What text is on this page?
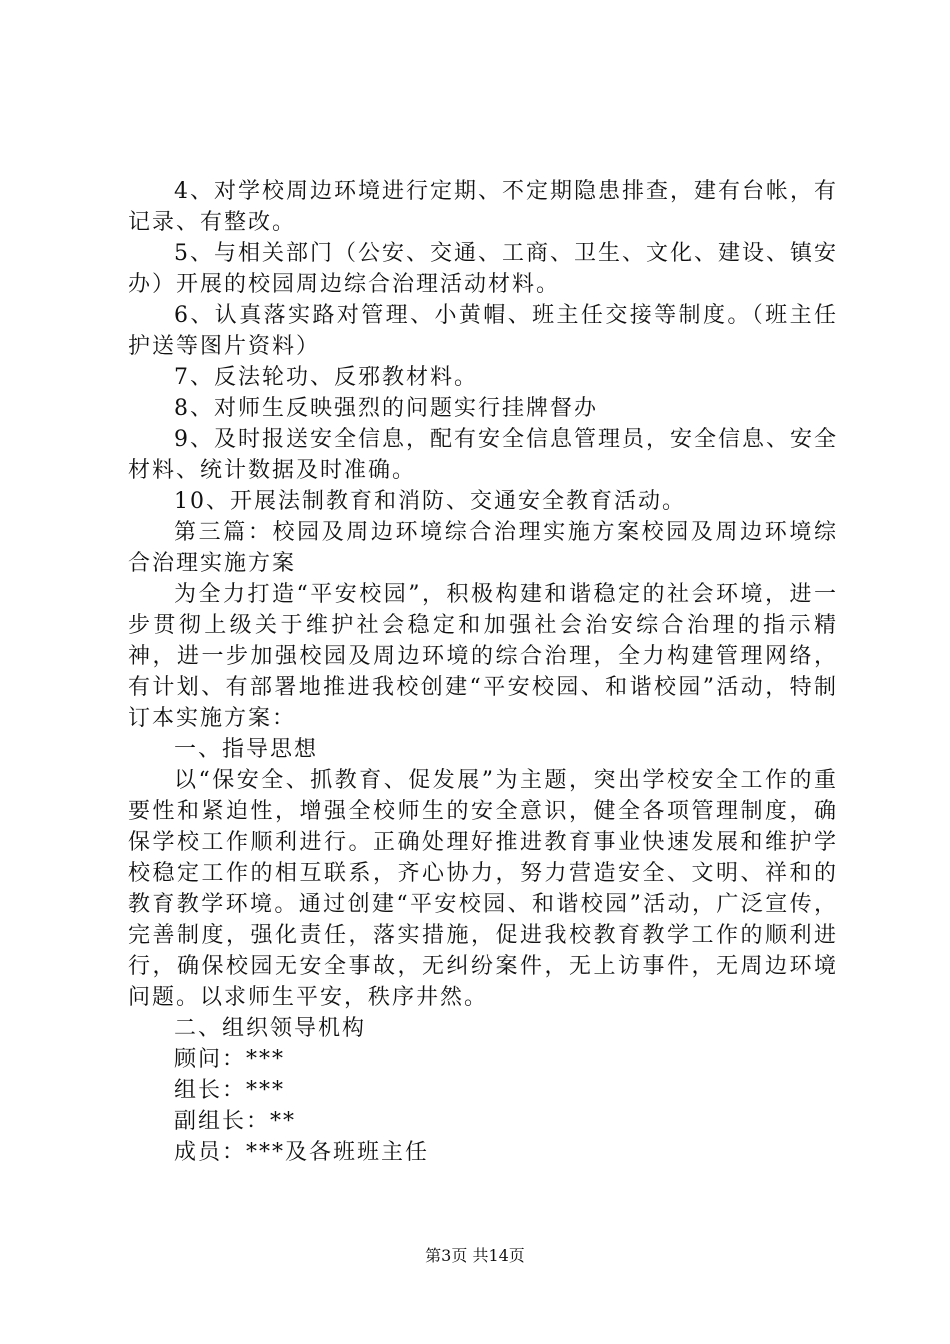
4、对学校周边环境进行定期、不定期隐患排查，建有台帐，有记录、有整改。

5、与相关部门（公安、交通、工商、卫生、文化、建设、镇安办）开展的校园周边综合治理活动材料。

6、认真落实路对管理、小黄帽、班主任交接等制度。（班主任护送等图片资料）

7、反法轮功、反邪教材料。

8、对师生反映强烈的问题实行挂牌督办

9、及时报送安全信息，配有安全信息管理员，安全信息、安全材料、统计数据及时准确。

10、开展法制教育和消防、交通安全教育活动。

第三篇：校园及周边环境综合治理实施方案校园及周边环境综合治理实施方案

为全力打造“平安校园”，积极构建和谐稳定的社会环境，进一步贯彻上级关于维护社会稳定和加强社会治安综合治理的指示精神，进一步加强校园及周边环境的综合治理，全力构建管理网络，有计划、有部署地推进我校创建“平安校园、和谐校园”活动，特制订本实施方案：

一、指导思想

以“保安全、抓教育、促发展”为主题，突出学校安全工作的重要性和紧迫性，增强全校师生的安全意识，健全各项管理制度，确保学校工作顺利进行。正确处理好推进教育事业快速发展和维护学校稳定工作的相互联系，齐心协力，努力营造安全、文明、祥和的教育教学环境。通过创建“平安校园、和谐校园”活动，广泛宣传，完善制度，强化责任，落实措施，促进我校教育教学工作的顺利进行，确保校园无安全事故，无纠纷案件，无上访事件，无周边环境问题。以求师生平安，秩序井然。

二、组织领导机构

顾问：***

组长：***

副组长：**

成员：***及各班班主任

第3页 共14页
